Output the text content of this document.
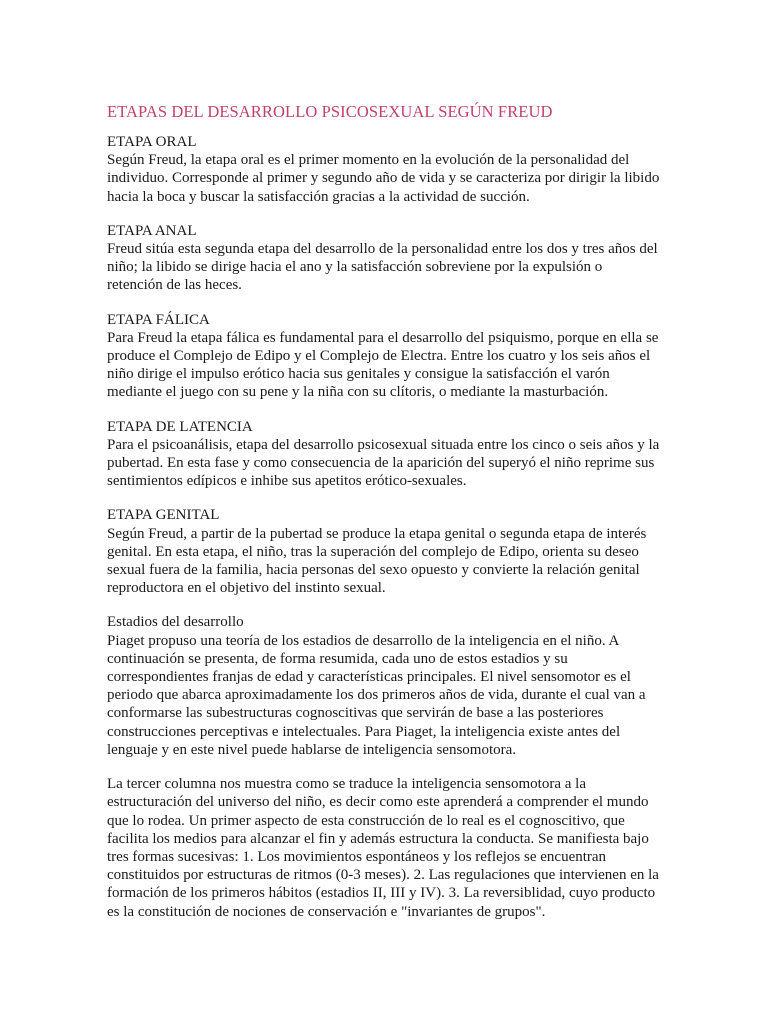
ETAPAS DEL DESARROLLO PSICOSEXUAL SEGÚN FREUD
ETAPA ORAL

Según Freud, la etapa oral es el primer momento en la evolución de la personalidad del

individuo. Corresponde al primer y segundo año de vida y se caracteriza por dirigir la libido

hacia la boca y buscar la satisfacción gracias a la actividad de succión.

ETAPA ANAL

Freud sitúa esta segunda etapa del desarrollo de la personalidad entre los dos y tres años del

niño; la libido se dirige hacia el ano y la satisfacción sobreviene por la expulsión o

retención de las heces.

ETAPA FÁLICA

Para Freud la etapa fálica es fundamental para el desarrollo del psiquismo, porque en ella se

produce el Complejo de Edipo y el Complejo de Electra. Entre los cuatro y los seis años el

niño dirige el impulso erótico hacia sus genitales y consigue la satisfacción el varón

mediante el juego con su pene y la niña con su clítoris, o mediante la masturbación.

ETAPA DE LATENCIA

Para el psicoanálisis, etapa del desarrollo psicosexual situada entre los cinco o seis años y la

pubertad. En esta fase y como consecuencia de la aparición del superyó el niño reprime sus

sentimientos edípicos e inhibe sus apetitos erótico-sexuales.

ETAPA GENITAL

Según Freud, a partir de la pubertad se produce la etapa genital o segunda etapa de interés

genital. En esta etapa, el niño, tras la superación del complejo de Edipo, orienta su deseo

sexual fuera de la familia, hacia personas del sexo opuesto y convierte la relación genital

reproductora en el objetivo del instinto sexual.

Estadios del desarrollo

Piaget propuso una teoría de los estadios de desarrollo de la inteligencia en el niño. A

continuación se presenta, de forma resumida, cada uno de estos estadios y su

correspondientes franjas de edad y características principales. El nivel sensomotor es el

periodo que abarca aproximadamente los dos primeros años de vida, durante el cual van a

conformarse las subestructuras cognoscitivas que servirán de base a las posteriores

construcciones perceptivas e intelectuales. Para Piaget, la inteligencia existe antes del

lenguaje y en este nivel puede hablarse de inteligencia sensomotora.

La tercer columna nos muestra como se traduce la inteligencia sensomotora a la

estructuración del universo del niño, es decir como este aprenderá a comprender el mundo

que lo rodea. Un primer aspecto de esta construcción de lo real es el cognoscitivo, que

facilita los medios para alcanzar el fin y además estructura la conducta. Se manifiesta bajo

tres formas sucesivas: 1. Los movimientos espontáneos y los reflejos se encuentran

constituidos por estructuras de ritmos (0-3 meses). 2. Las regulaciones que intervienen en la

formación de los primeros hábitos (estadios II, III y IV). 3. La reversiblidad, cuyo producto

es la constitución de nociones de conservación e "invariantes de grupos".
